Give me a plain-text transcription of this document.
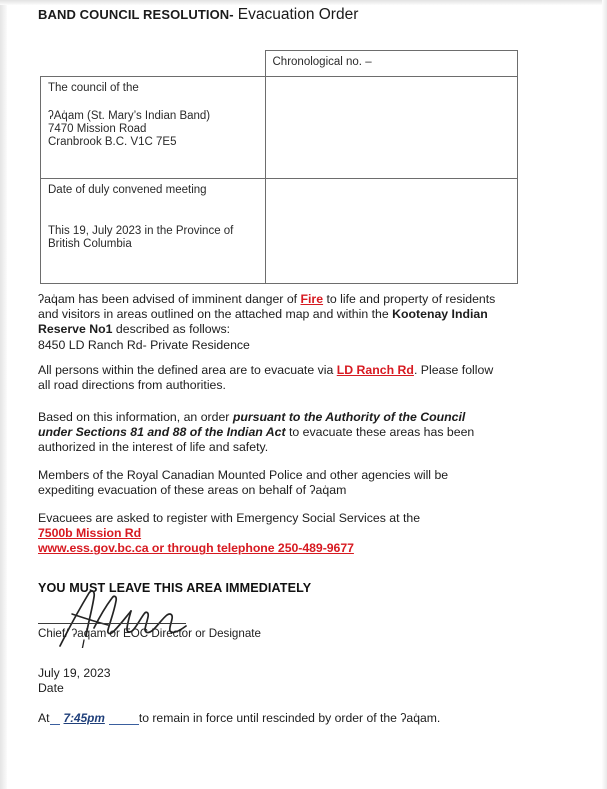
BAND COUNCIL RESOLUTION- Evacuation Order
	Chronological no. –

The council of the
ʔAq̇am (St. Mary’s Indian Band)
7470 Mission Road
Cranbrook B.C. V1C 7E5	

Date of duly convened meeting
This 19, July 2023 in the Province of British Columbia	

ʔaq̇am has been advised of imminent danger of Fire to life and property of residents and visitors in areas outlined on the attached map and within the Kootenay Indian Reserve No1 described as follows:
8450 LD Ranch Rd- Private Residence
All persons within the defined area are to evacuate via LD Ranch Rd. Please follow all road directions from authorities.
Based on this information, an order pursuant to the Authority of the Council under Sections 81 and 88 of the Indian Act to evacuate these areas has been authorized in the interest of life and safety.
Members of the Royal Canadian Mounted Police and other agencies will be expediting evacuation of these areas on behalf of ʔaq̇am
Evacuees are asked to register with Emergency Social Services at the
7500b Mission Rd
www.ess.gov.bc.ca or through telephone 250-489-9677
YOU MUST LEAVE THIS AREA IMMEDIATELY
Chief/ ʔaq̇am or EOC Director or Designate
July 19, 2023
Date
At 7:45pm	to remain in force until rescinded by order of the ʔaq̇am.
